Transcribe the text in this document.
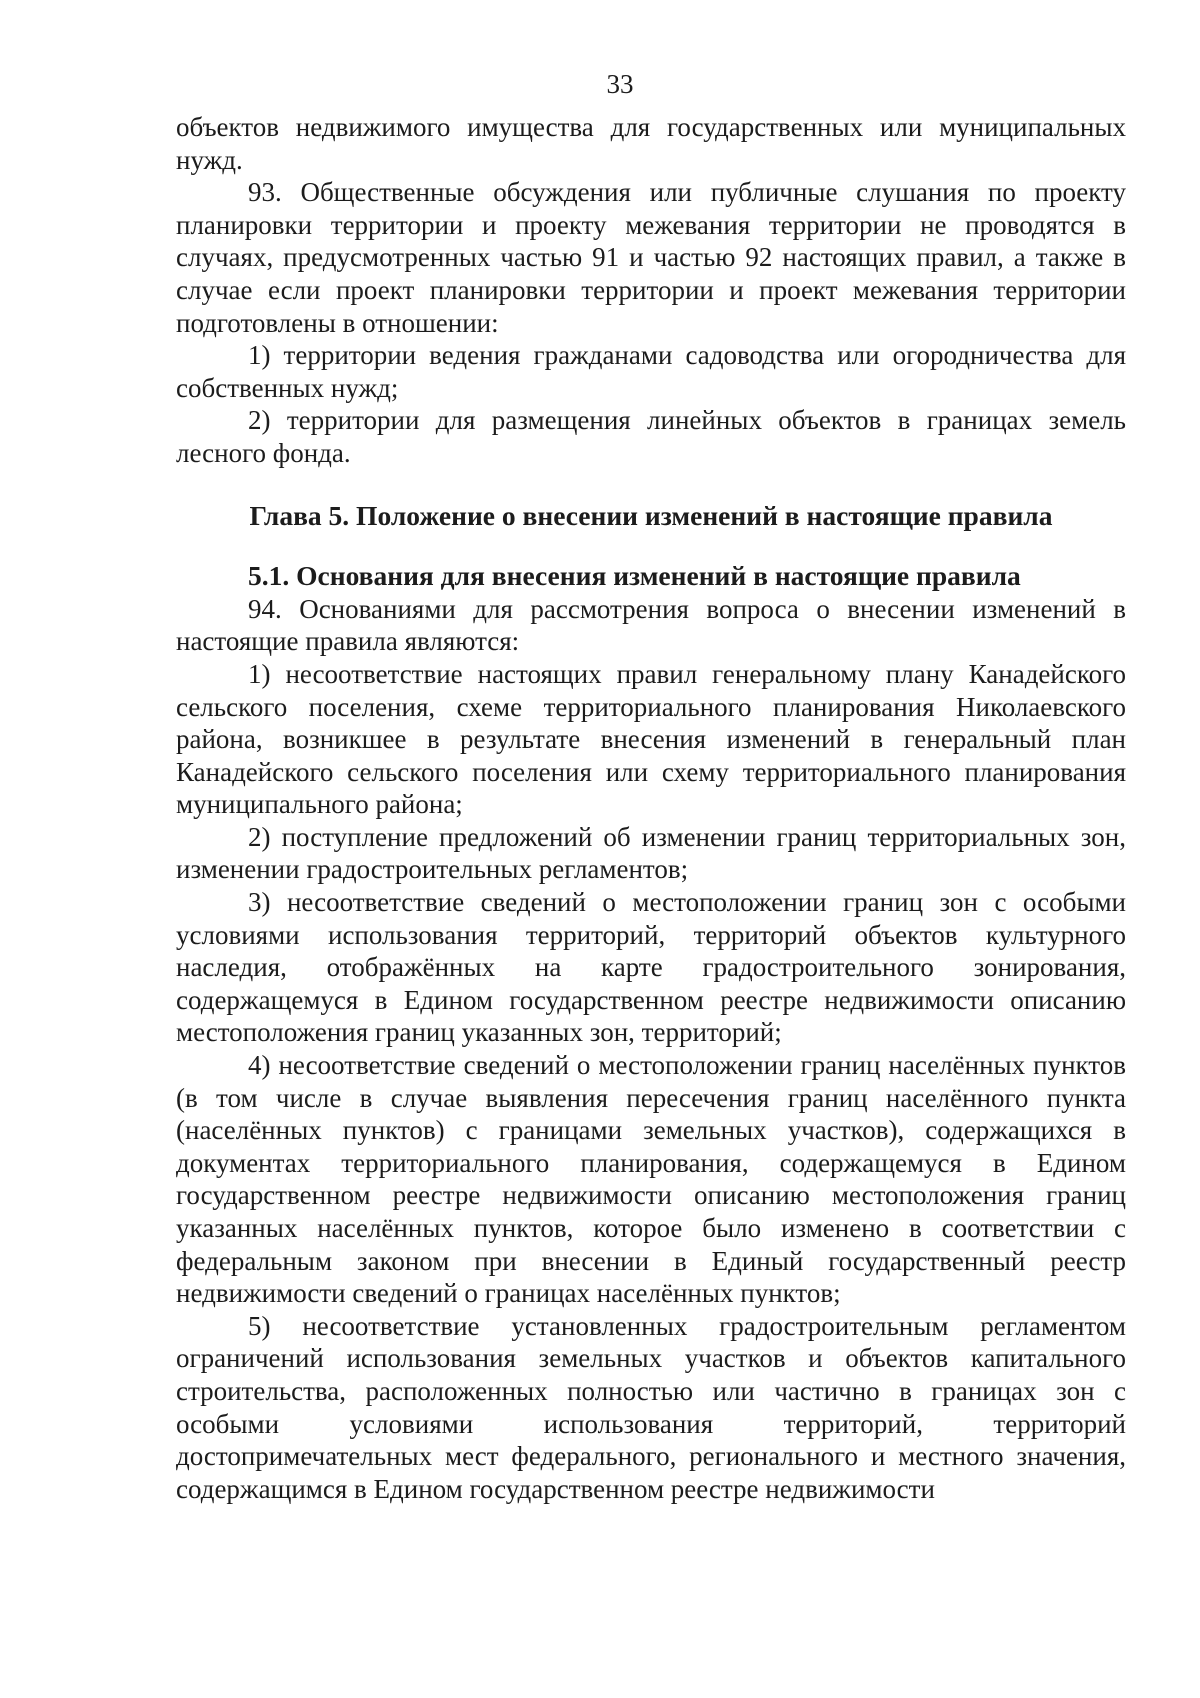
33

объектов недвижимого имущества для государственных или муниципальных нужд.

93. Общественные обсуждения или публичные слушания по проекту планировки территории и проекту межевания территории не проводятся в случаях, предусмотренных частью 91 и частью 92 настоящих правил, а также в случае если проект планировки территории и проект межевания территории подготовлены в отношении:

1) территории ведения гражданами садоводства или огородничества для собственных нужд;

2) территории для размещения линейных объектов в границах земель лесного фонда.

Глава 5. Положение о внесении изменений в настоящие правила

5.1. Основания для внесения изменений в настоящие правила

94. Основаниями для рассмотрения вопроса о внесении изменений в настоящие правила являются:

1) несоответствие настоящих правил генеральному плану Канадейского сельского поселения, схеме территориального планирования Николаевского района, возникшее в результате внесения изменений в генеральный план Канадейского сельского поселения или схему территориального планирования муниципального района;

2) поступление предложений об изменении границ территориальных зон, изменении градостроительных регламентов;

3) несоответствие сведений о местоположении границ зон с особыми условиями использования территорий, территорий объектов культурного наследия, отображённых на карте градостроительного зонирования, содержащемуся в Едином государственном реестре недвижимости описанию местоположения границ указанных зон, территорий;

4) несоответствие сведений о местоположении границ населённых пунктов (в том числе в случае выявления пересечения границ населённого пункта (населённых пунктов) с границами земельных участков), содержащихся в документах территориального планирования, содержащемуся в Едином государственном реестре недвижимости описанию местоположения границ указанных населённых пунктов, которое было изменено в соответствии с федеральным законом при внесении в Единый государственный реестр недвижимости сведений о границах населённых пунктов;

5) несоответствие установленных градостроительным регламентом ограничений использования земельных участков и объектов капитального строительства, расположенных полностью или частично в границах зон с особыми условиями использования территорий, территорий достопримечательных мест федерального, регионального и местного значения, содержащимся в Едином государственном реестре недвижимости
